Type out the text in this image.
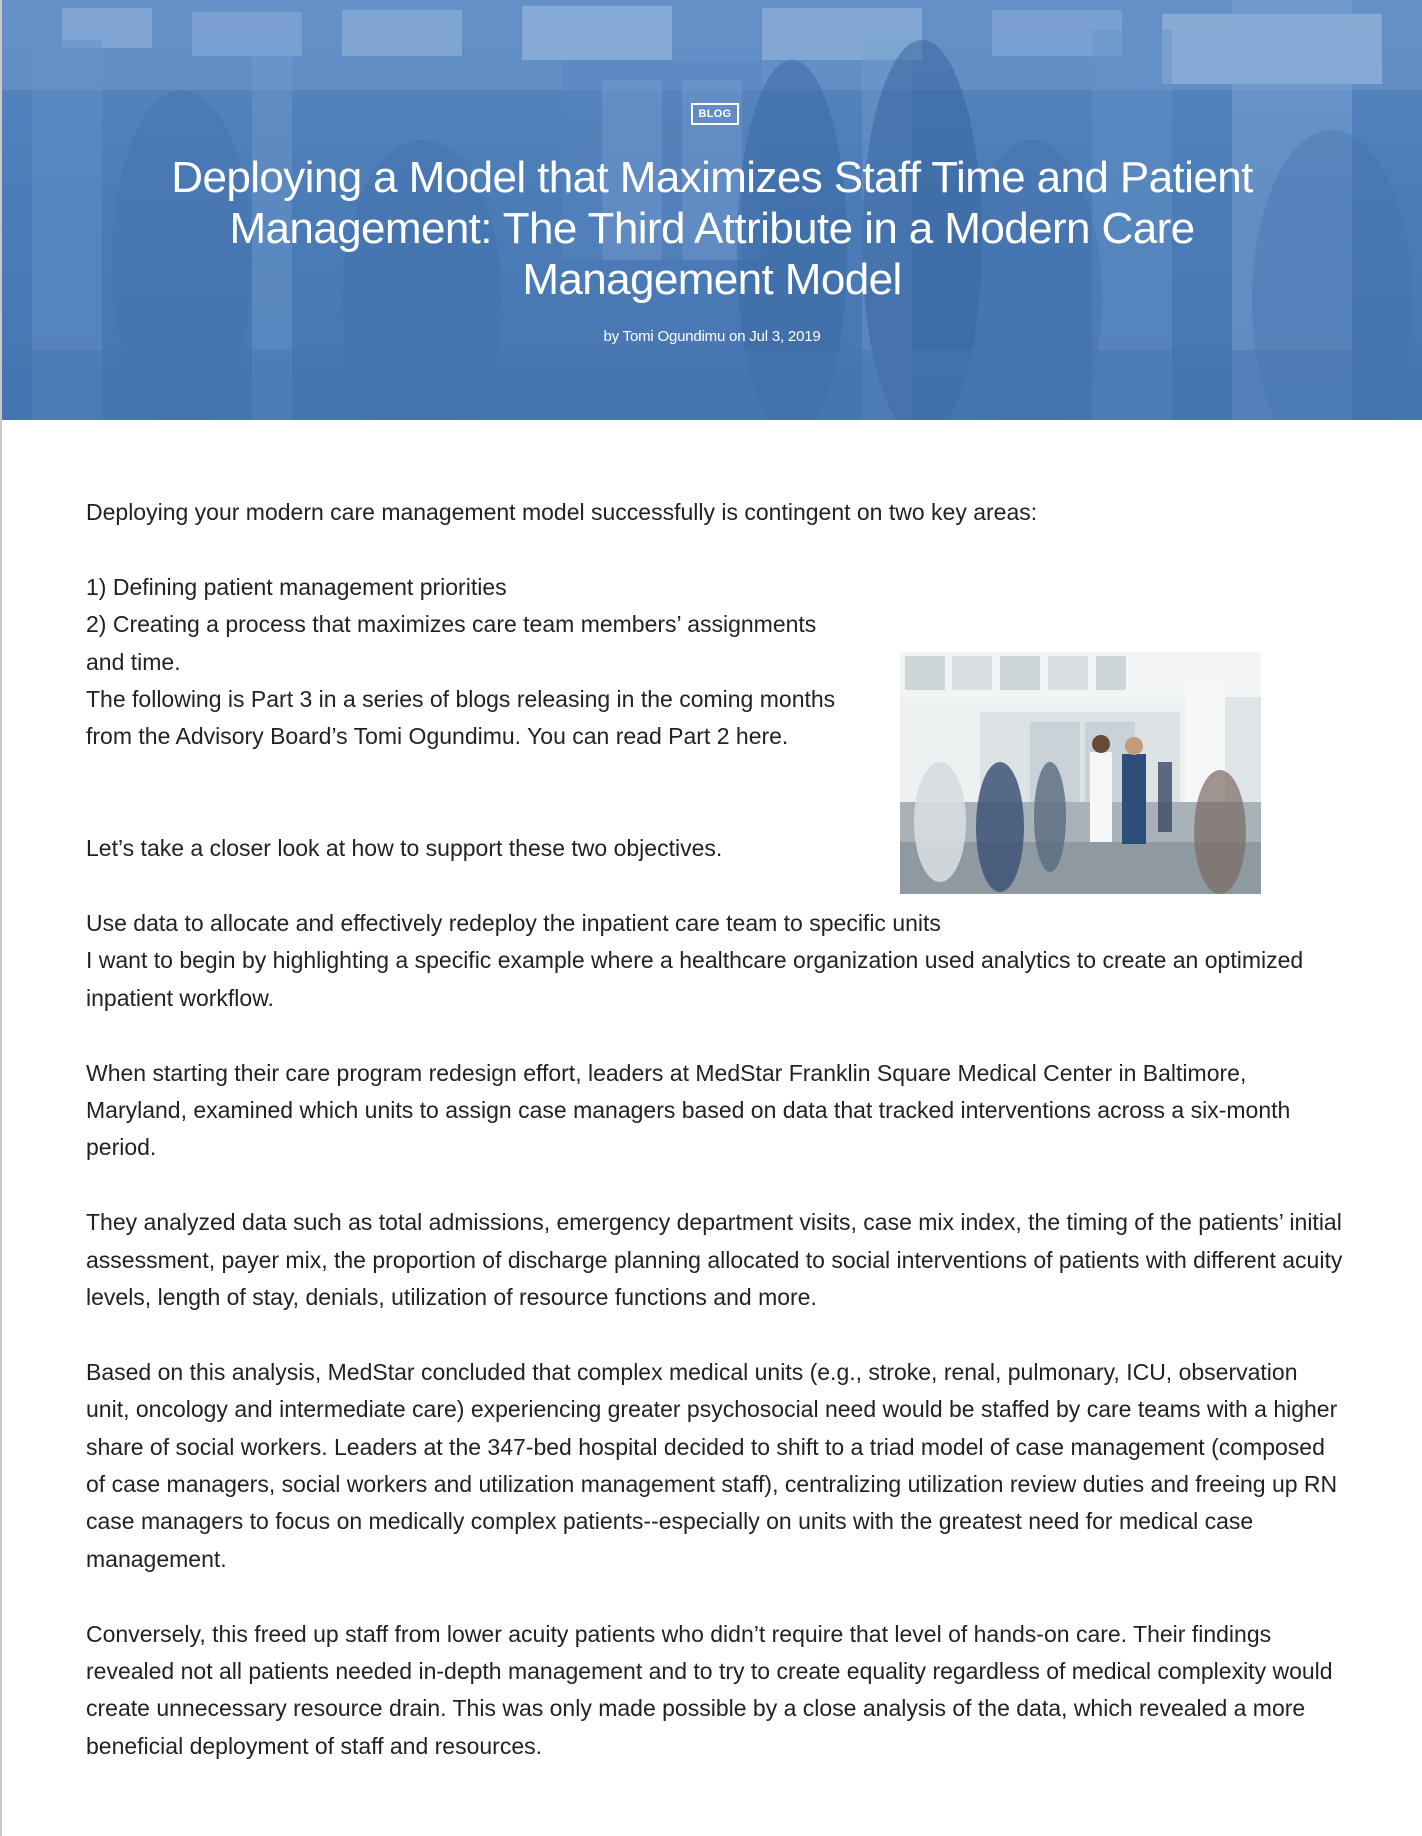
BLOG
Deploying a Model that Maximizes Staff Time and Patient Management: The Third Attribute in a Modern Care Management Model
by Tomi Ogundimu on Jul 3, 2019

Deploying your modern care management model successfully is contingent on two key areas:

1) Defining patient management priorities
2) Creating a process that maximizes care team members’ assignments and time.
The following is Part 3 in a series of blogs releasing in the coming months from the Advisory Board’s Tomi Ogundimu. You can read Part 2 here.

Let’s take a closer look at how to support these two objectives.

Use data to allocate and effectively redeploy the inpatient care team to specific units

I want to begin by highlighting a specific example where a healthcare organization used analytics to create an optimized inpatient workflow.

When starting their care program redesign effort, leaders at MedStar Franklin Square Medical Center in Baltimore, Maryland, examined which units to assign case managers based on data that tracked interventions across a six-month period.

They analyzed data such as total admissions, emergency department visits, case mix index, the timing of the patients’ initial assessment, payer mix, the proportion of discharge planning allocated to social interventions of patients with different acuity levels, length of stay, denials, utilization of resource functions and more.

Based on this analysis, MedStar concluded that complex medical units (e.g., stroke, renal, pulmonary, ICU, observation unit, oncology and intermediate care) experiencing greater psychosocial need would be staffed by care teams with a higher share of social workers. Leaders at the 347-bed hospital decided to shift to a triad model of case management (composed of case managers, social workers and utilization management staff), centralizing utilization review duties and freeing up RN case managers to focus on medically complex patients--especially on units with the greatest need for medical case management.

Conversely, this freed up staff from lower acuity patients who didn’t require that level of hands-on care. Their findings revealed not all patients needed in-depth management and to try to create equality regardless of medical complexity would create unnecessary resource drain. This was only made possible by a close analysis of the data, which revealed a more beneficial deployment of staff and resources.
